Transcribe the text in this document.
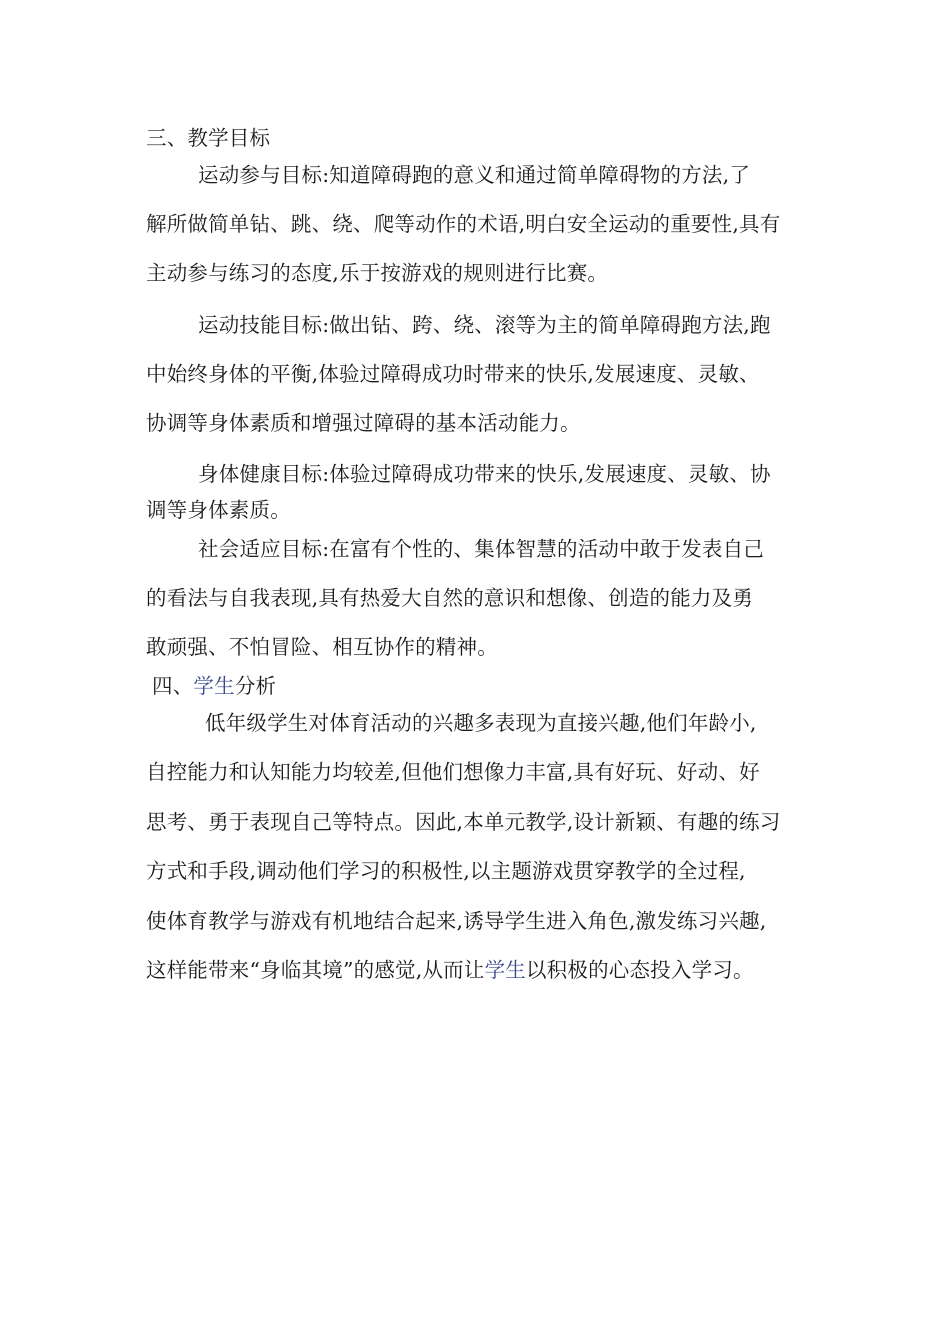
三、教学目标
运动参与目标:知道障碍跑的意义和通过简单障碍物的方法,了
解所做简单钻、跳、绕、爬等动作的术语,明白安全运动的重要性,具有
主动参与练习的态度,乐于按游戏的规则进行比赛。
运动技能目标:做出钻、跨、绕、滚等为主的简单障碍跑方法,跑
中始终身体的平衡,体验过障碍成功时带来的快乐,发展速度、灵敏、
协调等身体素质和增强过障碍的基本活动能力。
身体健康目标:体验过障碍成功带来的快乐,发展速度、灵敏、协
调等身体素质。
社会适应目标:在富有个性的、集体智慧的活动中敢于发表自己
的看法与自我表现,具有热爱大自然的意识和想像、创造的能力及勇
敢顽强、不怕冒险、相互协作的精神。
四、学生分析
低年级学生对体育活动的兴趣多表现为直接兴趣,他们年龄小,
自控能力和认知能力均较差,但他们想像力丰富,具有好玩、好动、好
思考、勇于表现自己等特点。因此,本单元教学,设计新颖、有趣的练习
方式和手段,调动他们学习的积极性,以主题游戏贯穿教学的全过程,
使体育教学与游戏有机地结合起来,诱导学生进入角色,激发练习兴趣,
这样能带来“身临其境”的感觉,从而让学生以积极的心态投入学习。
